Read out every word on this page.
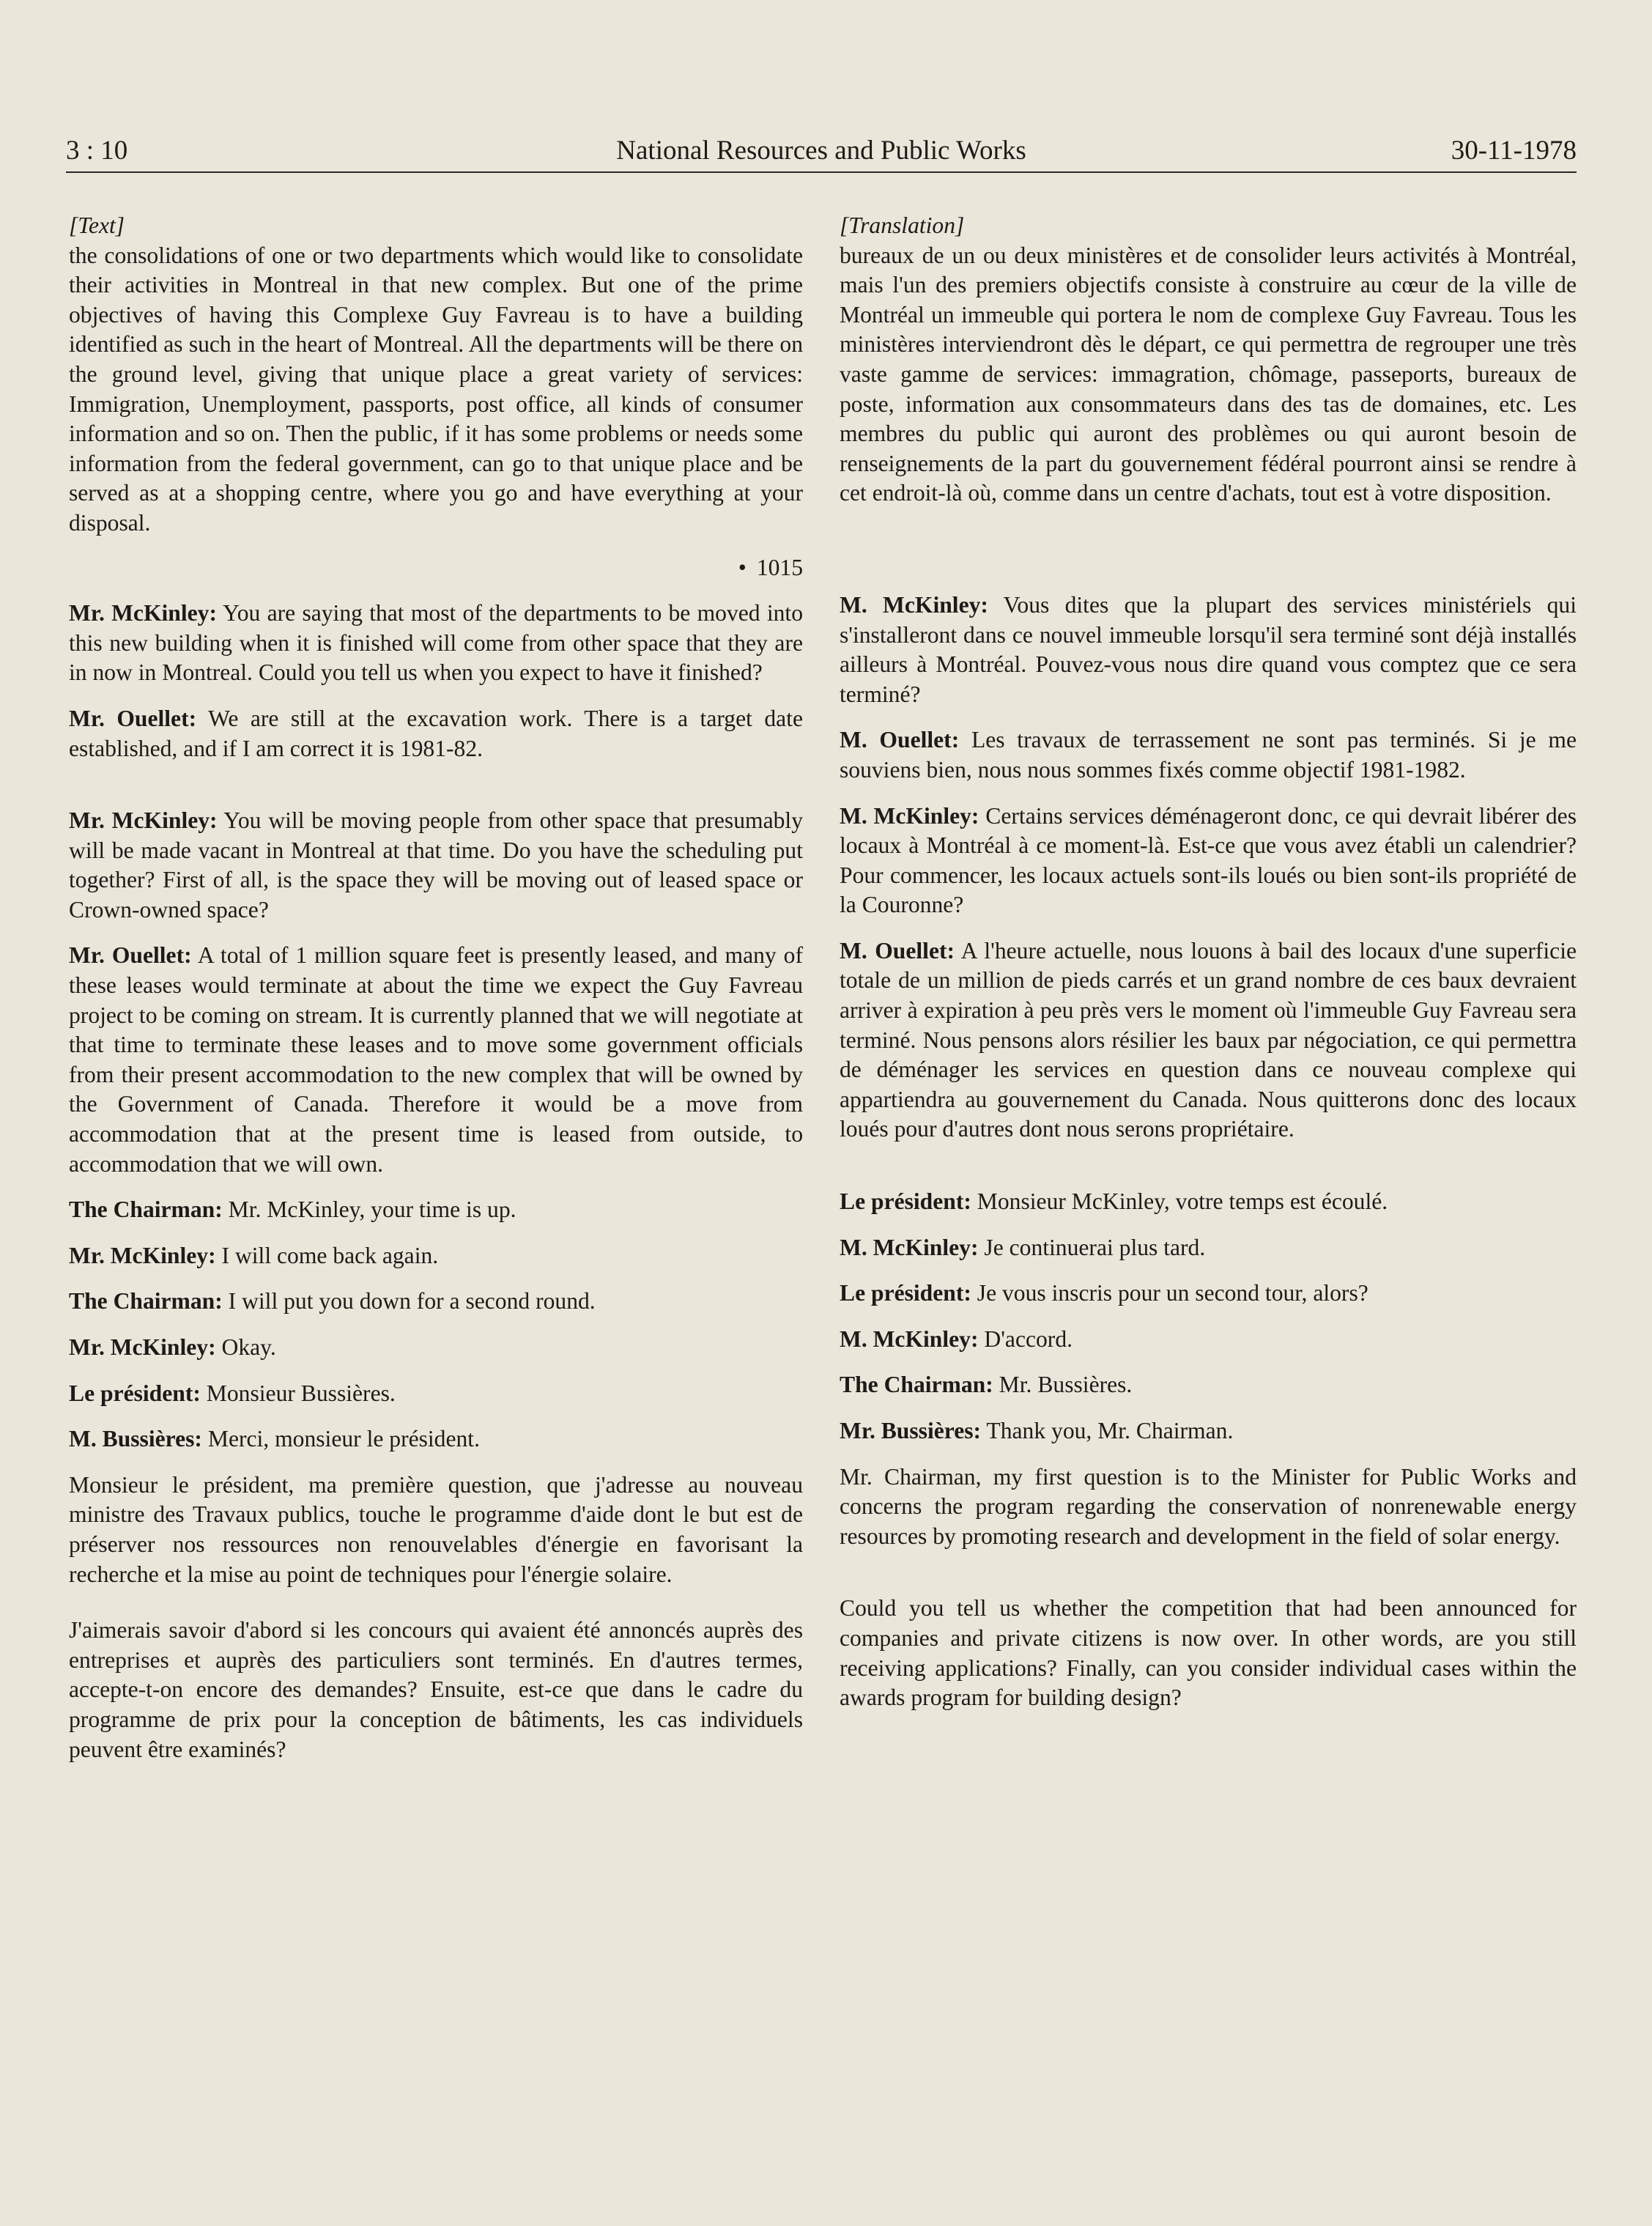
3 : 10	National Resources and Public Works	30-11-1978

[Text]

the consolidations of one or two departments which would like to consolidate their activities in Montreal in that new complex. But one of the prime objectives of having this Complexe Guy Favreau is to have a building identified as such in the heart of Montreal. All the departments will be there on the ground level, giving that unique place a great variety of services: Immigration, Unemployment, passports, post office, all kinds of consumer information and so on. Then the public, if it has some problems or needs some information from the federal government, can go to that unique place and be served as at a shopping centre, where you go and have everything at your disposal.

• 1015

Mr. McKinley: You are saying that most of the departments to be moved into this new building when it is finished will come from other space that they are in now in Montreal. Could you tell us when you expect to have it finished?

Mr. Ouellet: We are still at the excavation work. There is a target date established, and if I am correct it is 1981-82.

Mr. McKinley: You will be moving people from other space that presumably will be made vacant in Montreal at that time. Do you have the scheduling put together? First of all, is the space they will be moving out of leased space or Crown-owned space?

Mr. Ouellet: A total of 1 million square feet is presently leased, and many of these leases would terminate at about the time we expect the Guy Favreau project to be coming on stream. It is currently planned that we will negotiate at that time to terminate these leases and to move some government officials from their present accommodation to the new complex that will be owned by the Government of Canada. Therefore it would be a move from accommodation that at the present time is leased from outside, to accommodation that we will own.

The Chairman: Mr. McKinley, your time is up.

Mr. McKinley: I will come back again.

The Chairman: I will put you down for a second round.

Mr. McKinley: Okay.

Le président: Monsieur Bussières.

M. Bussières: Merci, monsieur le président.

Monsieur le président, ma première question, que j'adresse au nouveau ministre des Travaux publics, touche le programme d'aide dont le but est de préserver nos ressources non renouvelables d'énergie en favorisant la recherche et la mise au point de techniques pour l'énergie solaire.

J'aimerais savoir d'abord si les concours qui avaient été annoncés auprès des entreprises et auprès des particuliers sont terminés. En d'autres termes, accepte-t-on encore des demandes? Ensuite, est-ce que dans le cadre du programme de prix pour la conception de bâtiments, les cas individuels peuvent être examinés?

[Translation]

bureaux de un ou deux ministères et de consolider leurs activités à Montréal, mais l'un des premiers objectifs consiste à construire au cœur de la ville de Montréal un immeuble qui portera le nom de complexe Guy Favreau. Tous les ministères interviendront dès le départ, ce qui permettra de regrouper une très vaste gamme de services: immagration, chômage, passeports, bureaux de poste, information aux consommateurs dans des tas de domaines, etc. Les membres du public qui auront des problèmes ou qui auront besoin de renseignements de la part du gouvernement fédéral pourront ainsi se rendre à cet endroit-là où, comme dans un centre d'achats, tout est à votre disposition.

M. McKinley: Vous dites que la plupart des services ministériels qui s'installeront dans ce nouvel immeuble lorsqu'il sera terminé sont déjà installés ailleurs à Montréal. Pouvez-vous nous dire quand vous comptez que ce sera terminé?

M. Ouellet: Les travaux de terrassement ne sont pas terminés. Si je me souviens bien, nous nous sommes fixés comme objectif 1981-1982.

M. McKinley: Certains services déménageront donc, ce qui devrait libérer des locaux à Montréal à ce moment-là. Est-ce que vous avez établi un calendrier? Pour commencer, les locaux actuels sont-ils loués ou bien sont-ils propriété de la Couronne?

M. Ouellet: A l'heure actuelle, nous louons à bail des locaux d'une superficie totale de un million de pieds carrés et un grand nombre de ces baux devraient arriver à expiration à peu près vers le moment où l'immeuble Guy Favreau sera terminé. Nous pensons alors résilier les baux par négociation, ce qui permettra de déménager les services en question dans ce nouveau complexe qui appartiendra au gouvernement du Canada. Nous quitterons donc des locaux loués pour d'autres dont nous serons propriétaire.

Le président: Monsieur McKinley, votre temps est écoulé.

M. McKinley: Je continuerai plus tard.

Le président: Je vous inscris pour un second tour, alors?

M. McKinley: D'accord.

The Chairman: Mr. Bussières.

Mr. Bussières: Thank you, Mr. Chairman.

Mr. Chairman, my first question is to the Minister for Public Works and concerns the program regarding the conservation of nonrenewable energy resources by promoting research and development in the field of solar energy.

Could you tell us whether the competition that had been announced for companies and private citizens is now over. In other words, are you still receiving applications? Finally, can you consider individual cases within the awards program for building design?
